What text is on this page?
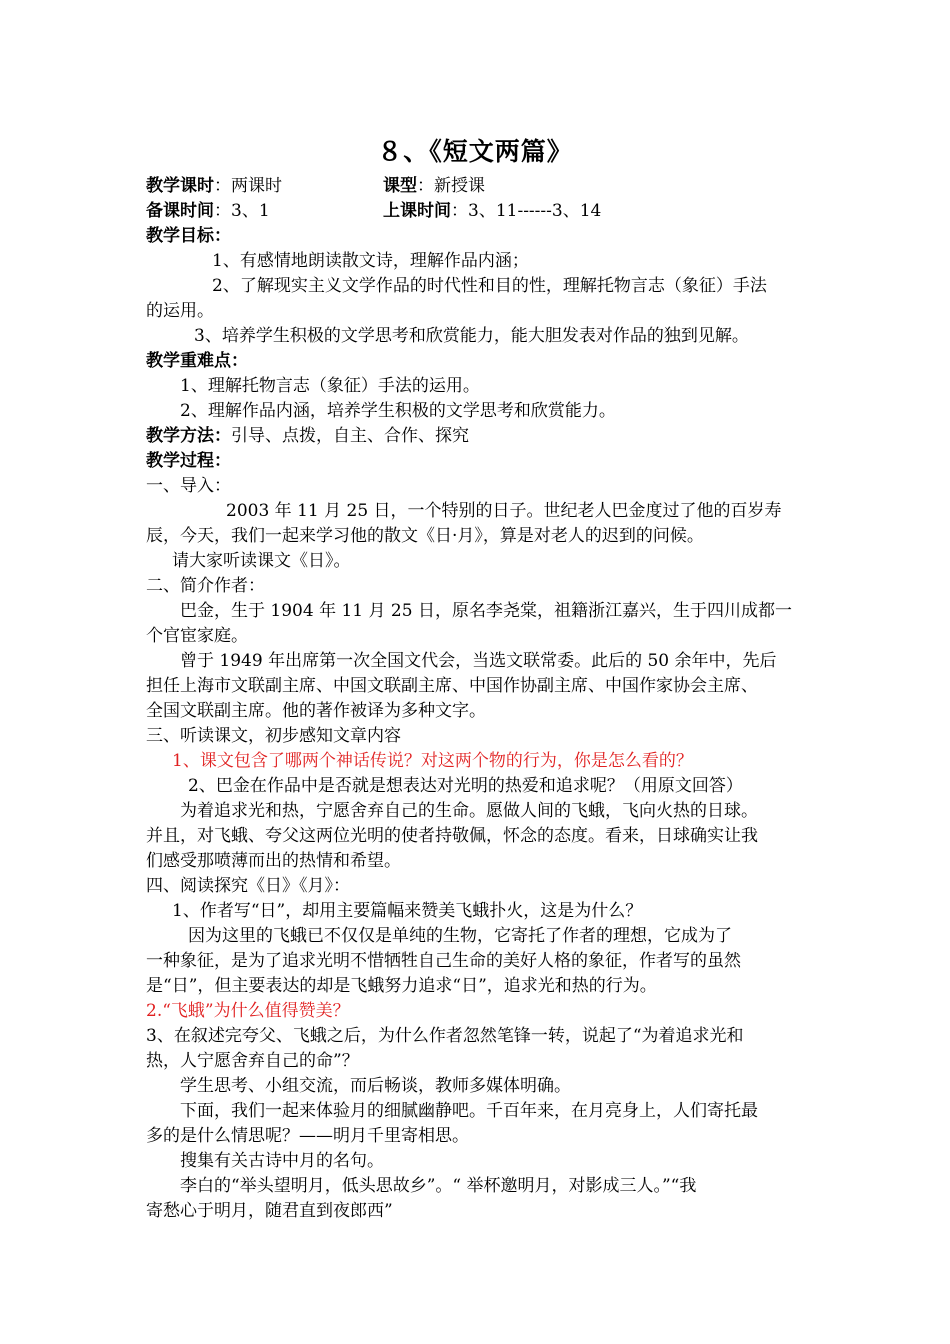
８、《短文两篇》
教学课时：两课时	课型：新授课
备课时间：3、1	上课时间：3、11------3、14
教学目标：
1、有感情地朗读散文诗，理解作品内涵；
2、了解现实主义文学作品的时代性和目的性，理解托物言志（象征）手法
的运用。
3、培养学生积极的文学思考和欣赏能力，能大胆发表对作品的独到见解。
教学重难点：
1、理解托物言志（象征）手法的运用。
2、理解作品内涵，培养学生积极的文学思考和欣赏能力。
教学方法：引导、点拨，自主、合作、探究
教学过程：
一、导入：
2003 年 11 月 25 日，一个特别的日子。世纪老人巴金度过了他的百岁寿
辰，今天，我们一起来学习他的散文《日·月》，算是对老人的迟到的问候。
请大家听读课文《日》。
二、简介作者：
巴金，生于 1904 年 11 月 25 日，原名李尧棠，祖籍浙江嘉兴，生于四川成都一
个官宦家庭。
曾于 1949 年出席第一次全国文代会，当选文联常委。此后的 50 余年中，先后
担任上海市文联副主席、中国文联副主席、中国作协副主席、中国作家协会主席、
全国文联副主席。他的著作被译为多种文字。
三、听读课文，初步感知文章内容
1、课文包含了哪两个神话传说？对这两个物的行为，你是怎么看的？
2、巴金在作品中是否就是想表达对光明的热爱和追求呢？（用原文回答）
为着追求光和热，宁愿舍弃自己的生命。愿做人间的飞蛾，飞向火热的日球。
并且，对飞蛾、夸父这两位光明的使者持敬佩，怀念的态度。看来，日球确实让我
们感受那喷薄而出的热情和希望。
四、阅读探究《日》《月》：
1、作者写“日”，却用主要篇幅来赞美飞蛾扑火，这是为什么？
因为这里的飞蛾已不仅仅是单纯的生物，它寄托了作者的理想，它成为了
一种象征，是为了追求光明不惜牺牲自己生命的美好人格的象征，作者写的虽然
是“日”，但主要表达的却是飞蛾努力追求“日”，追求光和热的行为。
2.“飞蛾”为什么值得赞美？
3、在叙述完夸父、飞蛾之后，为什么作者忽然笔锋一转，说起了“为着追求光和
热，人宁愿舍弃自己的命”？
学生思考、小组交流，而后畅谈，教师多媒体明确。
下面，我们一起来体验月的细腻幽静吧。千百年来，在月亮身上，人们寄托最
多的是什么情思呢？——明月千里寄相思。
搜集有关古诗中月的名句。
李白的“举头望明月，低头思故乡”。“ 举杯邀明月，对影成三人。”“我
寄愁心于明月，随君直到夜郎西”
